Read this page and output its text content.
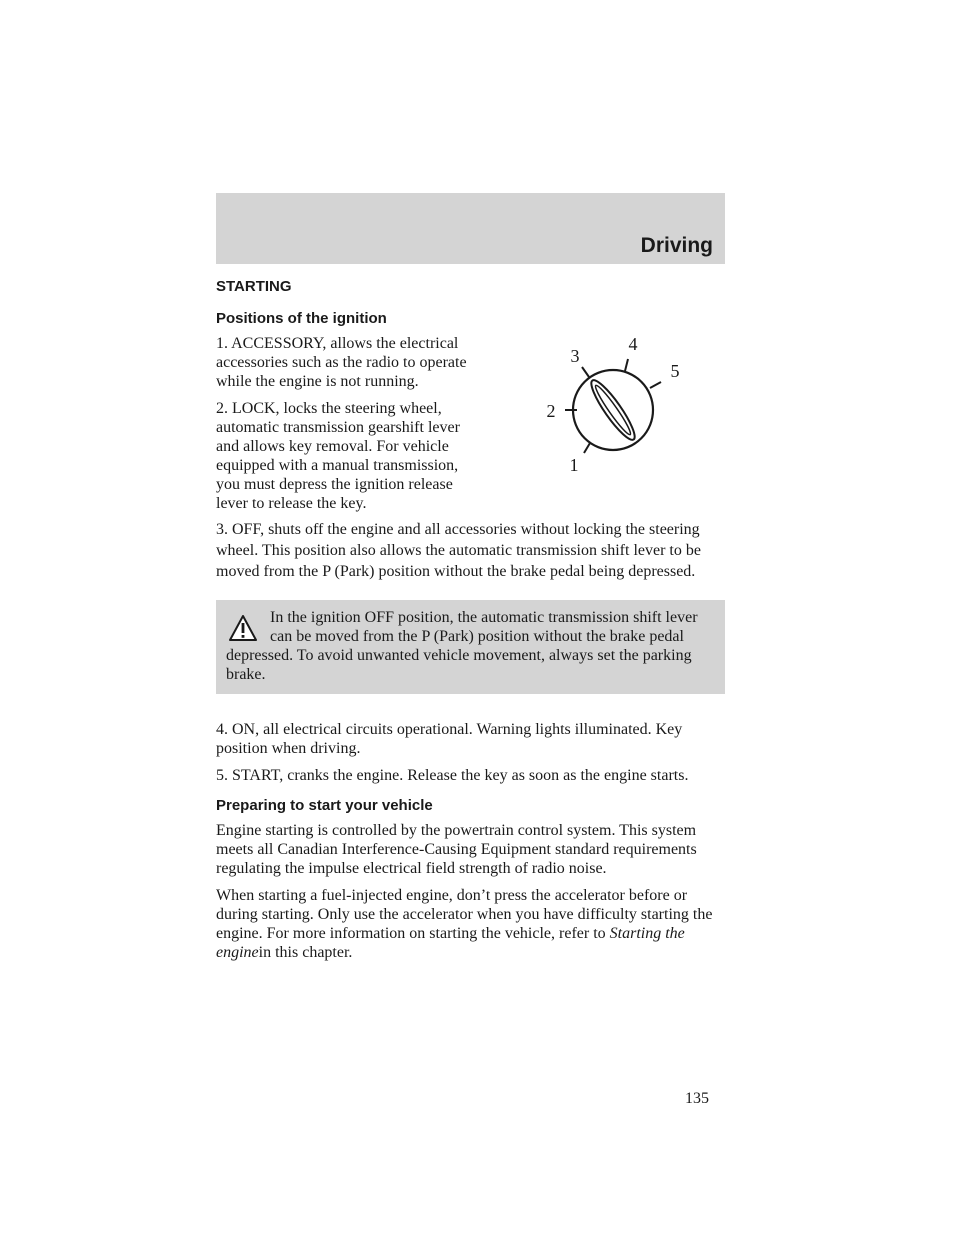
Driving
STARTING
1
2
3
4
5
Positions of the ignition

1. ACCESSORY, allows the electrical accessories such as the radio to operate while the engine is not running.

2. LOCK, locks the steering wheel, automatic transmission gearshift lever and allows key removal. For vehicle equipped with a manual transmission, you must depress the ignition release lever to release the key.

3. OFF, shuts off the engine and all accessories without locking the steering wheel. This position also allows the automatic transmission shift lever to be moved from the P (Park) position without the brake pedal being depressed.

In the ignition OFF position, the automatic transmission shift lever can be moved from the P (Park) position without the brake pedal depressed. To avoid unwanted vehicle movement, always set the parking brake.

4. ON, all electrical circuits operational. Warning lights illuminated. Key position when driving.

5. START, cranks the engine. Release the key as soon as the engine starts.

Preparing to start your vehicle

Engine starting is controlled by the powertrain control system. This system meets all Canadian Interference-Causing Equipment standard requirements regulating the impulse electrical field strength of radio noise.

When starting a fuel-injected engine, don’t press the accelerator before or during starting. Only use the accelerator when you have difficulty starting the engine. For more information on starting the vehicle, refer to Starting the enginein this chapter.

135
